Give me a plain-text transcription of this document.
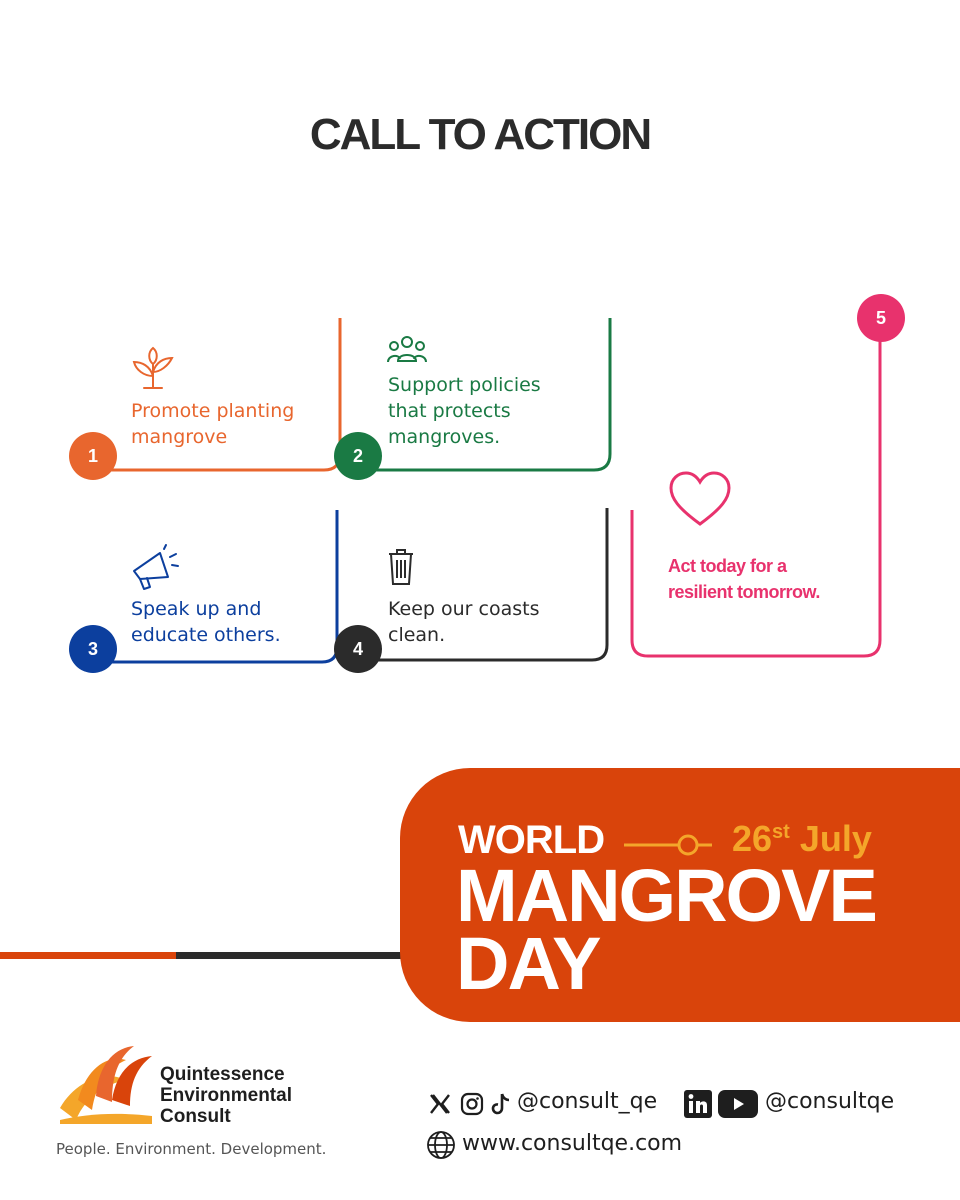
CALL TO ACTION
1	2
3	4
5
Promote planting
mangrove
Support policies
that protects
mangroves.
Speak up and
educate others.
Keep our coasts
clean.
Act today for a
resilient tomorrow.
WORLD	26st July
MANGROVE
DAY
Quintessence
Environmental
Consult
People. Environment. Development.
@consult_qe	@consultqe
www.consultqe.com
